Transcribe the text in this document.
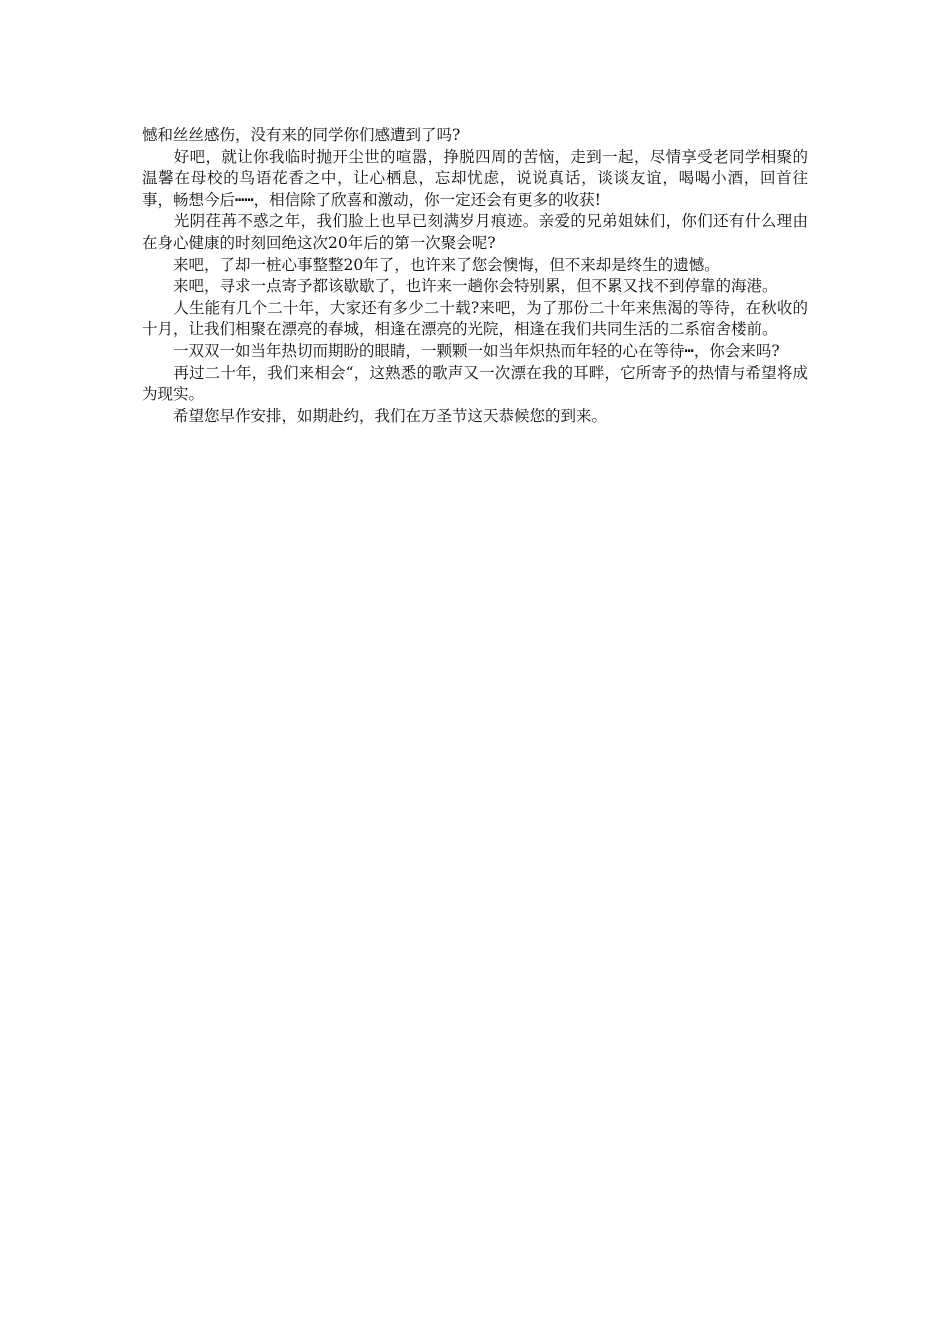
憾和丝丝感伤，没有来的同学你们感遭到了吗?

　　好吧，就让你我临时抛开尘世的喧嚣，挣脱四周的苦恼，走到一起，尽情享受老同学相聚的温馨在母校的鸟语花香之中，让心栖息，忘却忧虑，说说真话，谈谈友谊，喝喝小酒，回首往事，畅想今后┅┅，相信除了欣喜和激动，你一定还会有更多的收获!

　　光阴荏苒不惑之年，我们脸上也早已刻满岁月痕迹。亲爱的兄弟姐妹们，你们还有什么理由在身心健康的时刻回绝这次20年后的第一次聚会呢?

　　来吧，了却一桩心事整整20年了，也许来了您会懊悔，但不来却是终生的遗憾。

　　来吧，寻求一点寄予都该歇歇了，也许来一趟你会特别累，但不累又找不到停靠的海港。

　　人生能有几个二十年，大家还有多少二十载?来吧，为了那份二十年来焦渴的等待，在秋收的十月，让我们相聚在漂亮的春城，相逢在漂亮的光院，相逢在我们共同生活的二系宿舍楼前。

　　一双双一如当年热切而期盼的眼睛，一颗颗一如当年炽热而年轻的心在等待┅，你会来吗?

　　再过二十年，我们来相会“，这熟悉的歌声又一次漂在我的耳畔，它所寄予的热情与希望将成为现实。

　　希望您早作安排，如期赴约，我们在万圣节这天恭候您的到来。
